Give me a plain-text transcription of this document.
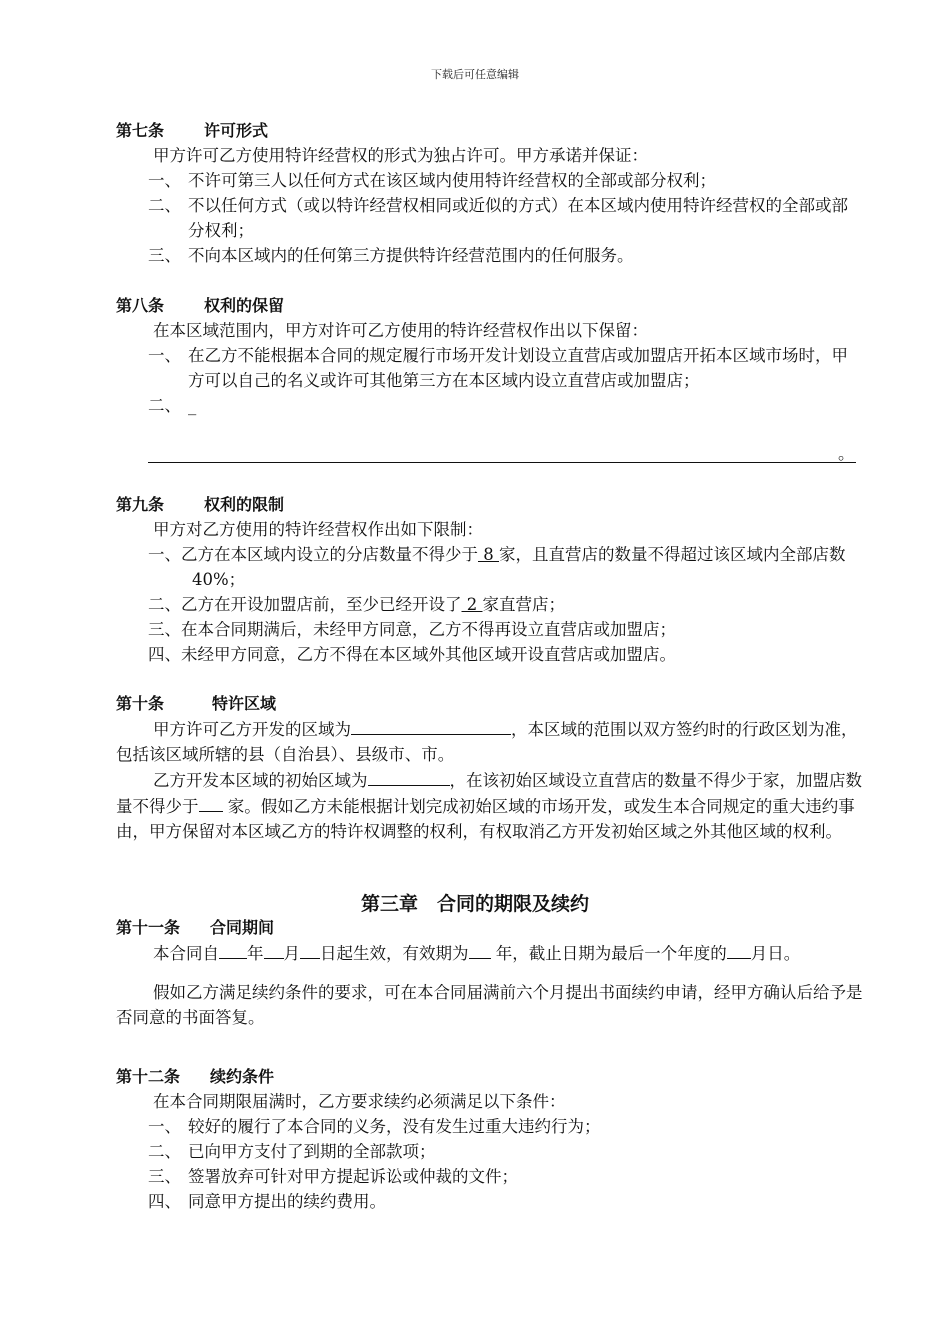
下载后可任意编辑
第七条	许可形式

甲方许可乙方使用特许经营权的形式为独占许可。甲方承诺并保证：

一、 不许可第三人以任何方式在该区域内使用特许经营权的全部或部分权利；

二、 不以任何方式（或以特许经营权相同或近似的方式）在本区域内使用特许经营权的全部或部分权利；

三、 不向本区域内的任何第三方提供特许经营范围内的任何服务。

第八条	权利的保留

在本区域范围内，甲方对许可乙方使用的特许经营权作出以下保留：

一、 在乙方不能根据本合同的规定履行市场开发计划设立直营店或加盟店开拓本区域市场时，甲方可以自己的名义或许可其他第三方在本区域内设立直营店或加盟店；

二、 _

。
第九条	权利的限制

甲方对乙方使用的特许经营权作出如下限制：

一、乙方在本区域内设立的分店数量不得少于 8 家，且直营店的数量不得超过该区域内全部店数 40%；

二、乙方在开设加盟店前，至少已经开设了 2 家直营店；

三、在本合同期满后，未经甲方同意，乙方不得再设立直营店或加盟店；

四、未经甲方同意，乙方不得在本区域外其他区域开设直营店或加盟店。

第十条	特许区域

甲方许可乙方开发的区域为	，本区域的范围以双方签约时的行政区划为准，包括该区域所辖的县（自治县）、县级市、市。

乙方开发本区域的初始区域为	，在该初始区域设立直营店的数量不得少于家，加盟店数量不得少于 家。假如乙方未能根据计划完成初始区域的市场开发，或发生本合同规定的重大违约事由，甲方保留对本区域乙方的特许权调整的权利，有权取消乙方开发初始区域之外其他区域的权利。

第三章　合同的期限及续约
第十一条 合同期间

本合同自 年 月 日起生效，有效期为 年，截止日期为最后一个年度的 月日。

假如乙方满足续约条件的要求，可在本合同届满前六个月提出书面续约申请，经甲方确认后给予是否同意的书面答复。

第十二条 续约条件

在本合同期限届满时，乙方要求续约必须满足以下条件：

一、 较好的履行了本合同的义务，没有发生过重大违约行为；

二、 已向甲方支付了到期的全部款项；

三、 签署放弃可针对甲方提起诉讼或仲裁的文件；

四、 同意甲方提出的续约费用。
